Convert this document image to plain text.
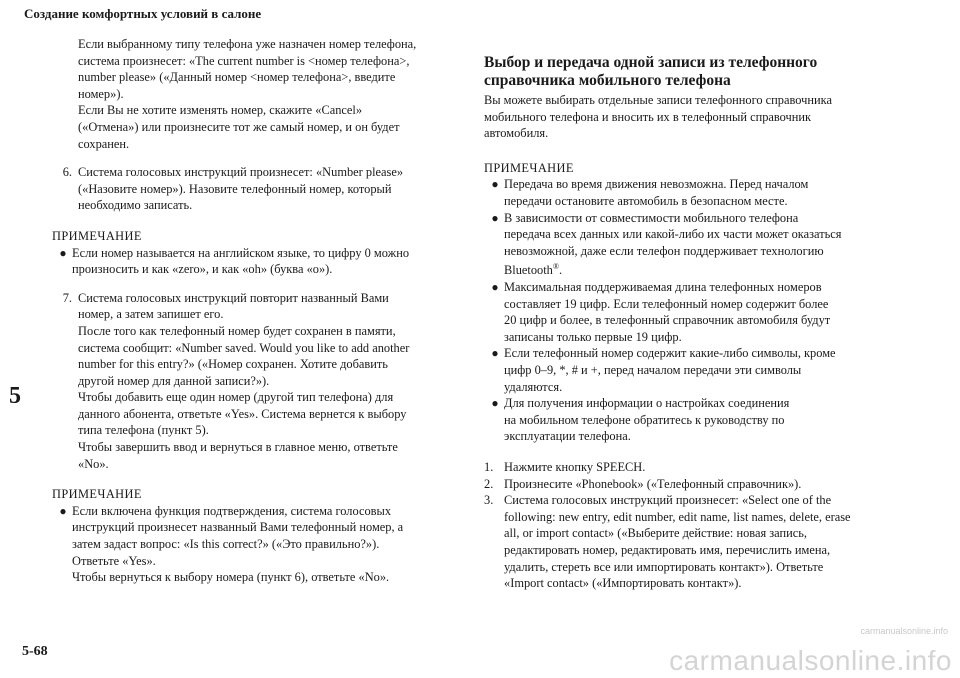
Создание комфортных условий в салоне
5

Если выбранному типу телефона уже назначен номер телефона,

система произнесет: «The current number is <номер телефона>,

number please» («Данный номер <номер телефона>, введите

номер»).

Если Вы не хотите изменять номер, скажите «Cancel»

(«Отмена») или произнесите тот же самый номер, и он будет

сохранен.

6. Система голосовых инструкций произнесет: «Number please»

(«Назовите номер»). Назовите телефонный номер, который

необходимо записать.

ПРИМЕЧАНИЕ
● Если номер называется на английском языке, то цифру 0 можно

произносить и как «zero», и как «oh» (буква «о»).

7. Система голосовых инструкций повторит названный Вами

номер, а затем запишет его.

После того как телефонный номер будет сохранен в памяти,

система сообщит: «Number saved. Would you like to add another

number for this entry?» («Номер сохранен. Хотите добавить

другой номер для данной записи?»).

Чтобы добавить еще один номер (другой тип телефона) для

данного абонента, ответьте «Yes». Система вернется к выбору

типа телефона (пункт 5).

Чтобы завершить ввод и вернуться в главное меню, ответьте

«No».

ПРИМЕЧАНИЕ
● Если включена функция подтверждения, система голосовых

инструкций произнесет названный Вами телефонный номер, а

затем задаст вопрос: «Is this correct?» («Это правильно?»).

Ответьте «Yes».

Чтобы вернуться к выбору номера (пункт 6), ответьте «No».

Выбор и передача одной записи из телефонного

справочника мобильного телефона

Вы можете выбирать отдельные записи телефонного справочника

мобильного телефона и вносить их в телефонный справочник

автомобиля.

ПРИМЕЧАНИЕ
● Передача во время движения невозможна. Перед началом

передачи остановите автомобиль в безопасном месте.

● В зависимости от совместимости мобильного телефона

передача всех данных или какой-либо их части может оказаться

невозможной, даже если телефон поддерживает технологию

Bluetooth®.

● Максимальная поддерживаемая длина телефонных номеров

составляет 19 цифр. Если телефонный номер содержит более

20 цифр и более, в телефонный справочник автомобиля будут

записаны только первые 19 цифр.

● Если телефонный номер содержит какие-либо символы, кроме

цифр 0–9, *, # и +, перед началом передачи эти символы

удаляются.

● Для получения информации о настройках соединения

на мобильном телефоне обратитесь к руководству по

эксплуатации телефона.

1. Нажмите кнопку SPEECH.

2. Произнесите «Phonebook» («Телефонный справочник»).

3. Система голосовых инструкций произнесет: «Select one of the

following: new entry, edit number, edit name, list names, delete, erase

all, or import contact» («Выберите действие: новая запись,

редактировать номер, редактировать имя, перечислить имена,

удалить, стереть все или импортировать контакт»). Ответьте

«Import contact» («Импортировать контакт»).

5-68
carmanualsonline.info
carmanualsonline.info
